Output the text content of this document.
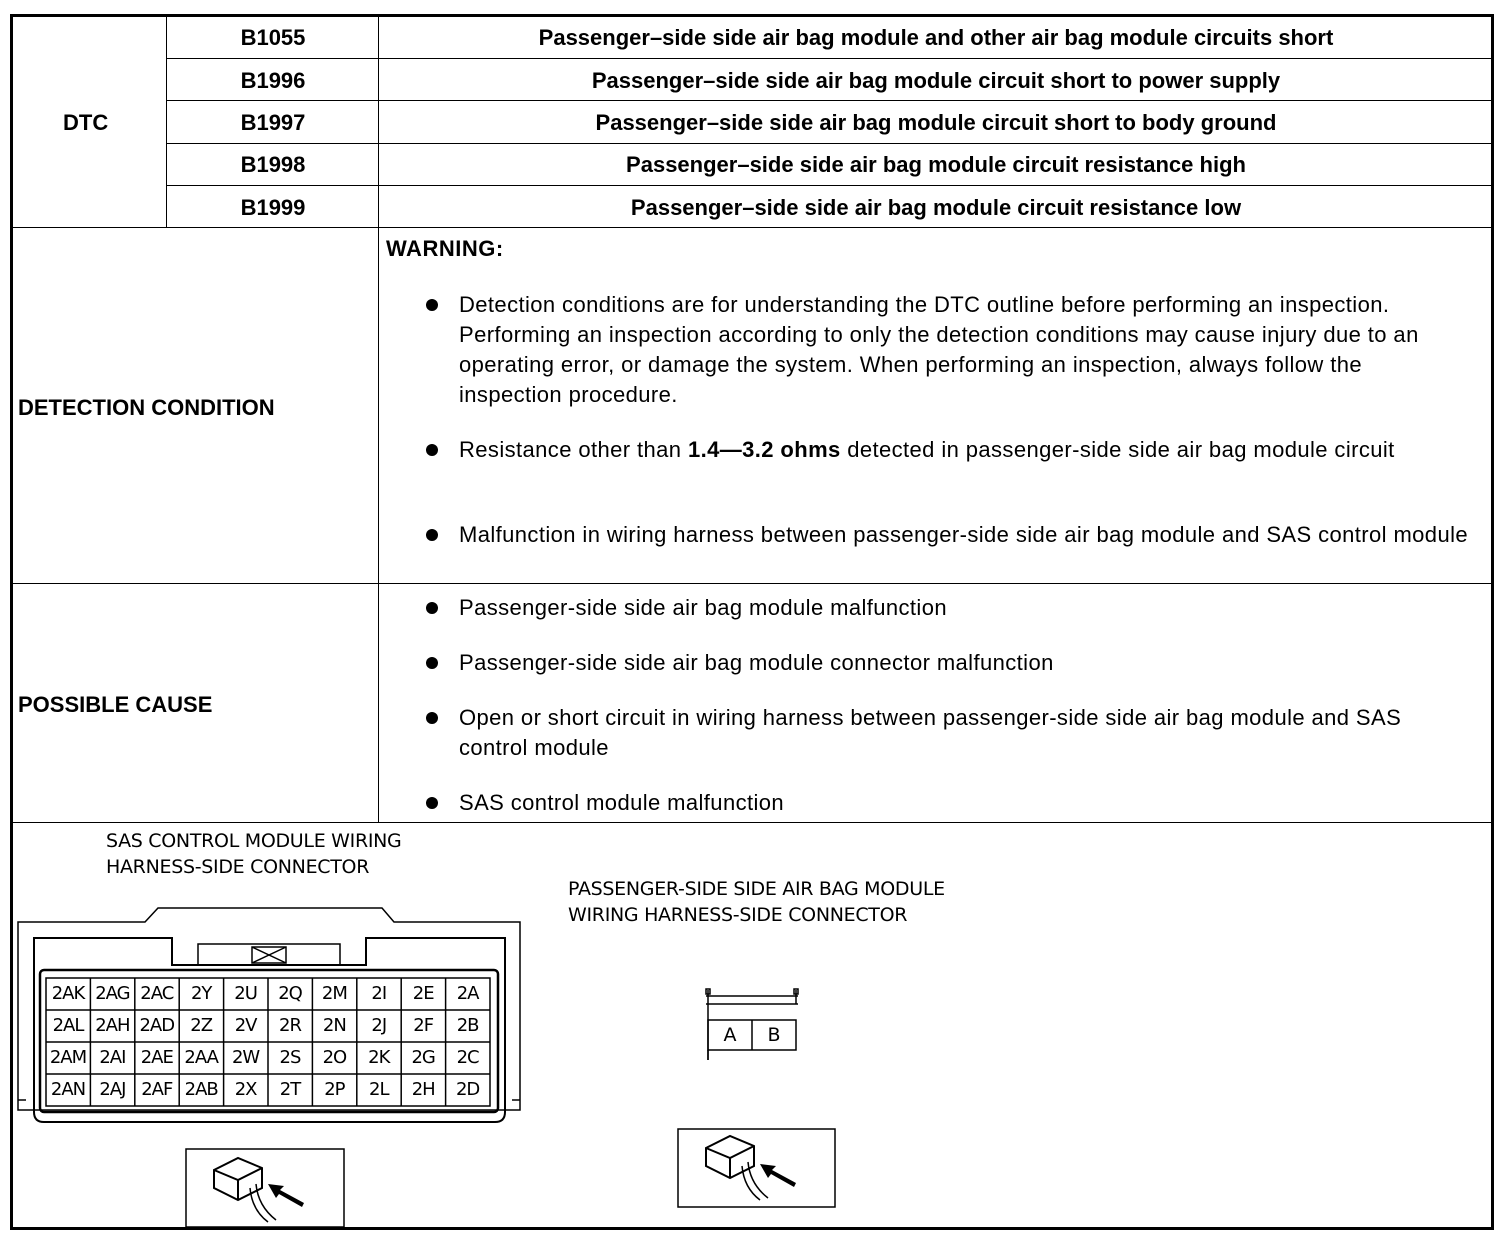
DTC
B1055	Passenger–side side air bag module and other air bag module circuits short
B1996	Passenger–side side air bag module circuit short to power supply
B1997	Passenger–side side air bag module circuit short to body ground
B1998	Passenger–side side air bag module circuit resistance high
B1999	Passenger–side side air bag module circuit resistance low
DETECTION CONDITION
WARNING:
Detection conditions are for understanding the DTC outline before performing an inspection. Performing an inspection according to only the detection conditions may cause injury due to an operating error, or damage the system. When performing an inspection, always follow the inspection procedure.
Resistance other than 1.4—3.2 ohms detected in passenger-side side air bag module circuit
Malfunction in wiring harness between passenger-side side air bag module and SAS control module
POSSIBLE CAUSE
Passenger-side side air bag module malfunction
Passenger-side side air bag module connector malfunction
Open or short circuit in wiring harness between passenger-side side air bag module and SAS control module
SAS control module malfunction
SAS CONTROL MODULE WIRING
HARNESS-SIDE CONNECTOR
PASSENGER-SIDE SIDE AIR BAG MODULE
WIRING HARNESS-SIDE CONNECTOR
2AK 2AG 2AC 2Y	2U	2Q	2M	2I	2E	2A
2AL 2AH 2AD 2Z	2V	2R	2N	2J	2F	2B
2AM 2AI 2AE 2AA 2W	2S	2O	2K	2G	2C
2AN 2AJ 2AF 2AB 2X	2T	2P	2L	2H	2D
A	B
